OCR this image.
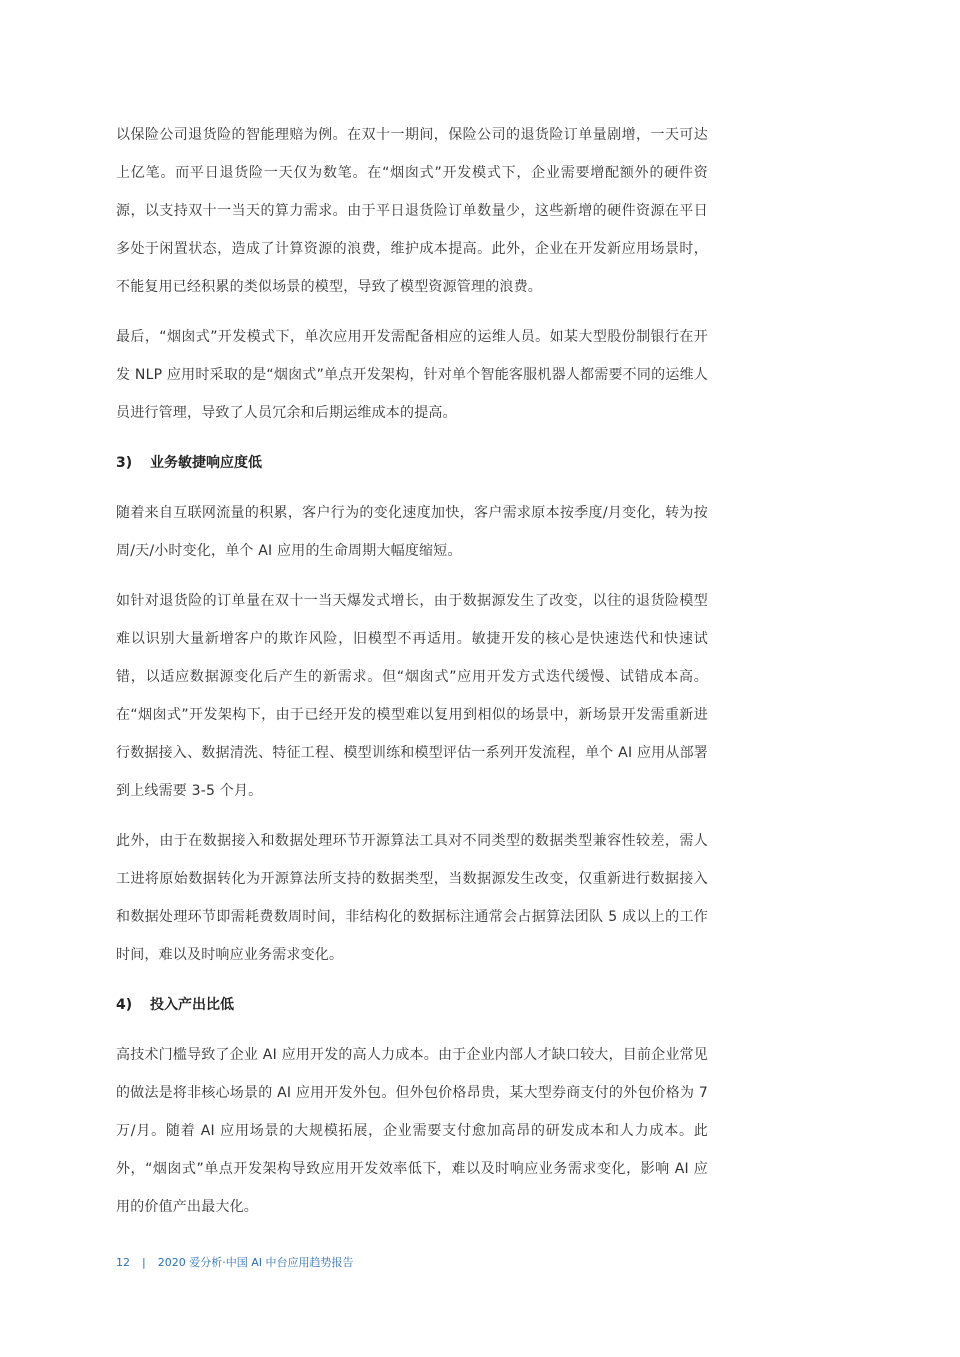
以保险公司退货险的智能理赔为例。在双十一期间，保险公司的退货险订单量剧增，一天可达上亿笔。而平日退货险一天仅为数笔。在“烟囱式”开发模式下，企业需要增配额外的硬件资源，以支持双十一当天的算力需求。由于平日退货险订单数量少，这些新增的硬件资源在平日多处于闲置状态，造成了计算资源的浪费，维护成本提高。此外，企业在开发新应用场景时，不能复用已经积累的类似场景的模型，导致了模型资源管理的浪费。

最后，“烟囱式”开发模式下，单次应用开发需配备相应的运维人员。如某大型股份制银行在开发 NLP 应用时采取的是“烟囱式”单点开发架构，针对单个智能客服机器人都需要不同的运维人员进行管理，导致了人员冗余和后期运维成本的提高。

3) 业务敏捷响应度低

随着来自互联网流量的积累，客户行为的变化速度加快，客户需求原本按季度/月变化，转为按周/天/小时变化，单个 AI 应用的生命周期大幅度缩短。

如针对退货险的订单量在双十一当天爆发式增长，由于数据源发生了改变，以往的退货险模型难以识别大量新增客户的欺诈风险，旧模型不再适用。敏捷开发的核心是快速迭代和快速试错，以适应数据源变化后产生的新需求。但“烟囱式”应用开发方式迭代缓慢、试错成本高。在“烟囱式”开发架构下，由于已经开发的模型难以复用到相似的场景中，新场景开发需重新进行数据接入、数据清洗、特征工程、模型训练和模型评估一系列开发流程，单个 AI 应用从部署到上线需要 3-5 个月。

此外，由于在数据接入和数据处理环节开源算法工具对不同类型的数据类型兼容性较差，需人工进将原始数据转化为开源算法所支持的数据类型，当数据源发生改变，仅重新进行数据接入和数据处理环节即需耗费数周时间，非结构化的数据标注通常会占据算法团队 5 成以上的工作时间，难以及时响应业务需求变化。

4) 投入产出比低

高技术门槛导致了企业 AI 应用开发的高人力成本。由于企业内部人才缺口较大，目前企业常见的做法是将非核心场景的 AI 应用开发外包。但外包价格昂贵，某大型券商支付的外包价格为 7 万/月。随着 AI 应用场景的大规模拓展，企业需要支付愈加高昂的研发成本和人力成本。此外，“烟囱式”单点开发架构导致应用开发效率低下，难以及时响应业务需求变化，影响 AI 应用的价值产出最大化。

12 | 2020 爱分析·中国 AI 中台应用趋势报告
